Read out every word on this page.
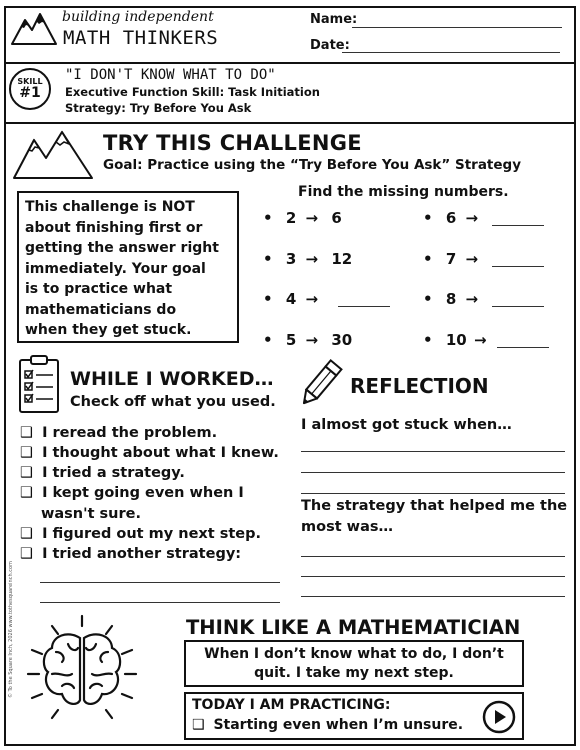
building independent
MATH THINKERS
Name:
Date:
SKILL
#1
"I DON'T KNOW WHAT TO DO"
Executive Function Skill: Task Initiation
Strategy: Try Before You Ask
TRY THIS CHALLENGE
Goal: Practice using the “Try Before You Ask” Strategy
This challenge is NOT
about finishing first or
getting the answer right
immediately. Your goal
is to practice what
mathematicians do
when they get stuck.
Find the missing numbers.
• 2 → 6
• 3 → 12
• 4 →
• 5 → 30
• 6 →
• 7 →
• 8 →
• 10 →
WHILE I WORKED…
Check off what you used.
❑ I reread the problem.
❑ I thought about what I knew.
❑ I tried a strategy.
❑ I kept going even when I
wasn't sure.
❑ I figured out my next step.
❑ I tried another strategy:
REFLECTION
I almost got stuck when…
The strategy that helped me the
most was…
THINK LIKE A MATHEMATICIAN
When I don’t know what to do, I don’t
quit. I take my next step.
TODAY I AM PRACTICING:
❑ Starting even when I’m unsure.
© To the Square Inch, 2026 www.tothesquareinch.com
